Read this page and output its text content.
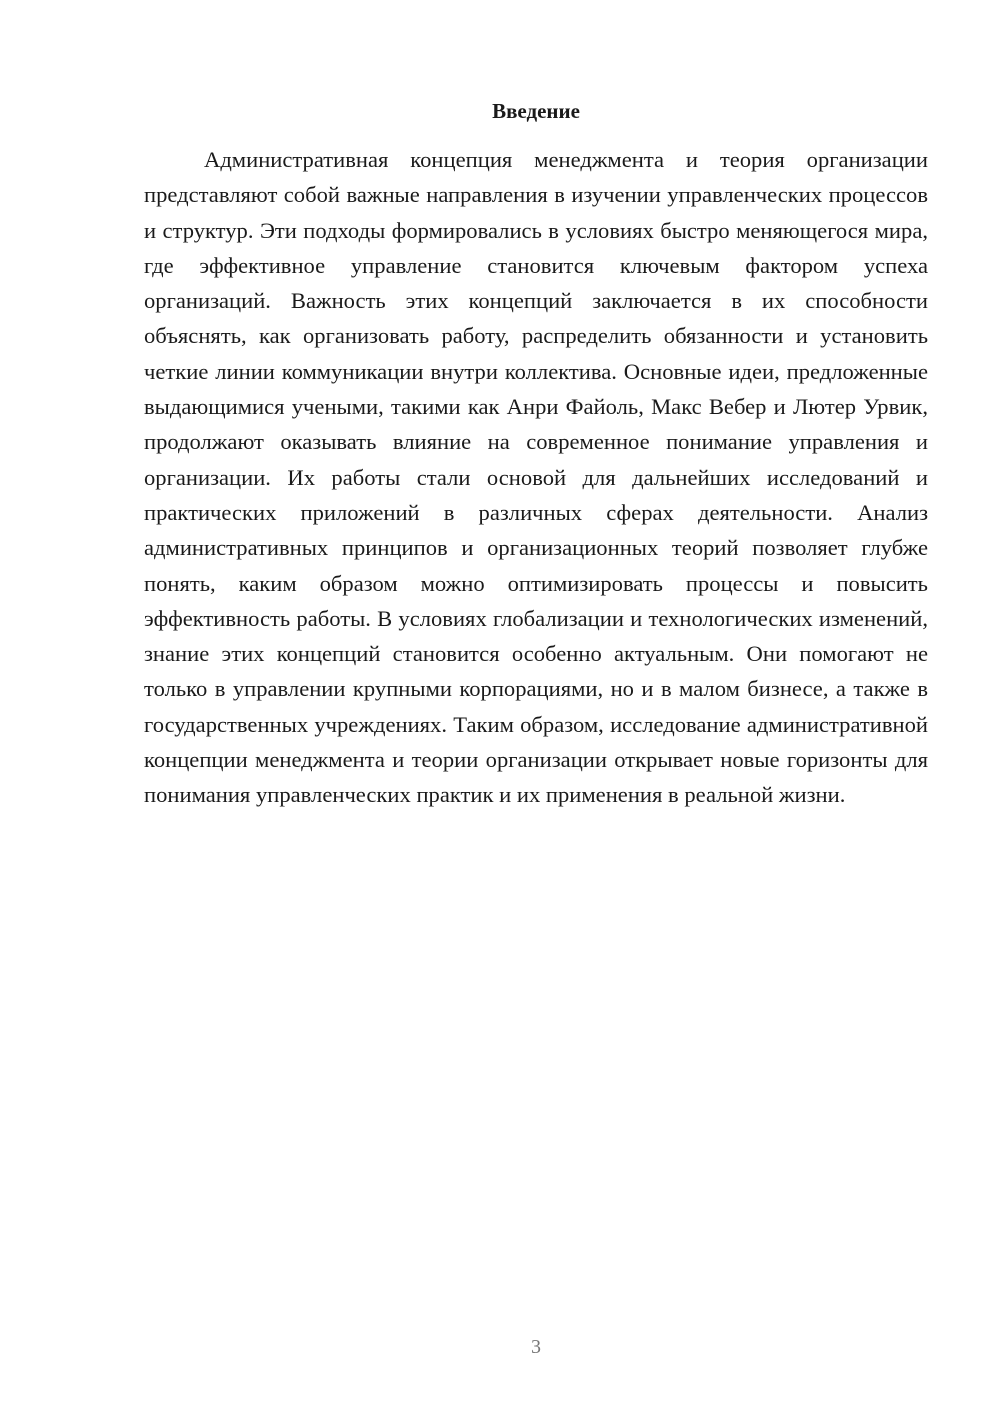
Введение

Административная концепция менеджмента и теория организации представляют собой важные направления в изучении управленческих процессов и структур. Эти подходы формировались в условиях быстро меняющегося мира, где эффективное управление становится ключевым фактором успеха организаций. Важность этих концепций заключается в их способности объяснять, как организовать работу, распределить обязанности и установить четкие линии коммуникации внутри коллектива. Основные идеи, предложенные выдающимися учеными, такими как Анри Файоль, Макс Вебер и Лютер Урвик, продолжают оказывать влияние на современное понимание управления и организации. Их работы стали основой для дальнейших исследований и практических приложений в различных сферах деятельности. Анализ административных принципов и организационных теорий позволяет глубже понять, каким образом можно оптимизировать процессы и повысить эффективность работы. В условиях глобализации и технологических изменений, знание этих концепций становится особенно актуальным. Они помогают не только в управлении крупными корпорациями, но и в малом бизнесе, а также в государственных учреждениях. Таким образом, исследование административной концепции менеджмента и теории организации открывает новые горизонты для понимания управленческих практик и их применения в реальной жизни.

3
